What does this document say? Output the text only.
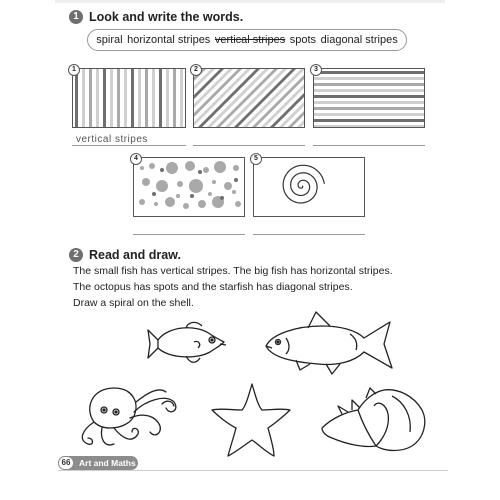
1 Look and write the words.
spiral horizontal stripes vertical stripes spots diagonal stripes
1	2	3
vertical stripes
4	5
2 Read and draw.
The small fish has vertical stripes. The big fish has horizontal stripes.
The octopus has spots and the starfish has diagonal stripes.
Draw a spiral on the shell.
66	Art and Maths
